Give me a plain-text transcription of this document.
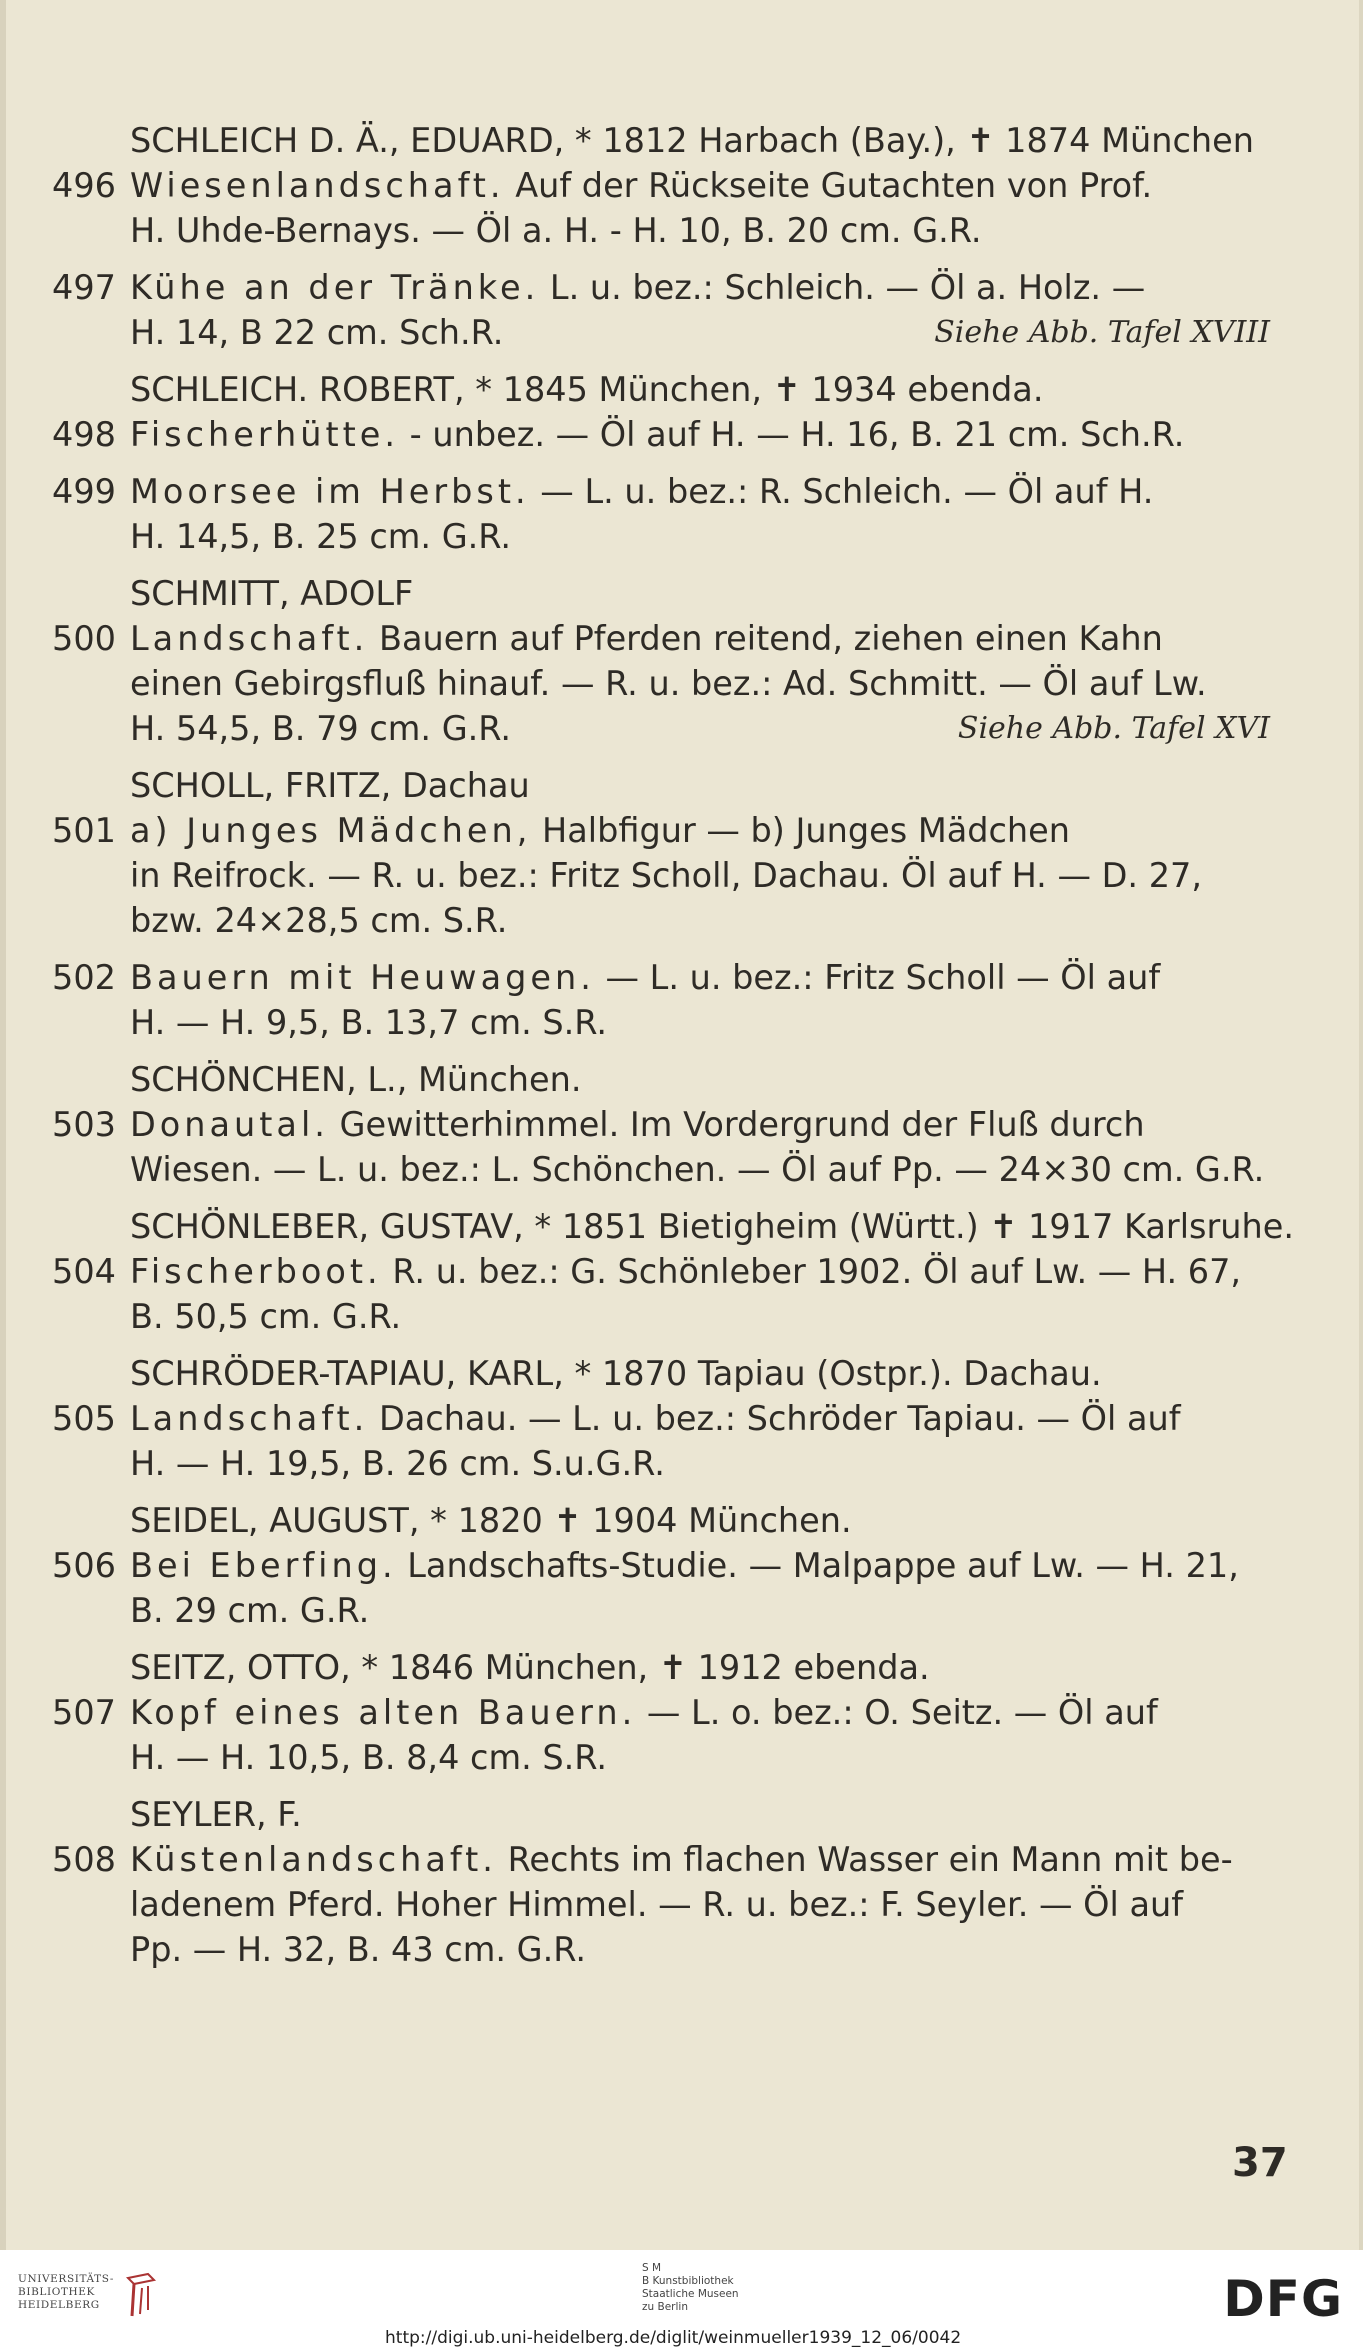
SCHLEICH D. Ä., EDUARD, * 1812 Harbach (Bay.), ✝ 1874 München
496 Wiesenlandschaft. Auf der Rückseite Gutachten von Prof.
H. Uhde-Bernays. — Öl a. H. - H. 10, B. 20 cm. G.R.
497 Kühe an der Tränke. L. u. bez.: Schleich. — Öl a. Holz. —
H. 14, B 22 cm. Sch.R.	Siehe Abb. Tafel XVIII
SCHLEICH. ROBERT, * 1845 München, ✝ 1934 ebenda.
498 Fischerhütte. - unbez. — Öl auf H. — H. 16, B. 21 cm. Sch.R.
499 Moorsee im Herbst. — L. u. bez.: R. Schleich. — Öl auf H.
H. 14,5, B. 25 cm. G.R.
SCHMITT, ADOLF
500 Landschaft. Bauern auf Pferden reitend, ziehen einen Kahn
einen Gebirgsfluß hinauf. — R. u. bez.: Ad. Schmitt. — Öl auf Lw.
H. 54,5, B. 79 cm. G.R.	Siehe Abb. Tafel XVI
SCHOLL, FRITZ, Dachau
501 a) Junges Mädchen, Halbfigur — b) Junges Mädchen
in Reifrock. — R. u. bez.: Fritz Scholl, Dachau. Öl auf H. — D. 27,
bzw. 24×28,5 cm. S.R.
502 Bauern mit Heuwagen. — L. u. bez.: Fritz Scholl — Öl auf
H. — H. 9,5, B. 13,7 cm. S.R.
SCHÖNCHEN, L., München.
503 Donautal. Gewitterhimmel. Im Vordergrund der Fluß durch
Wiesen. — L. u. bez.: L. Schönchen. — Öl auf Pp. — 24×30 cm. G.R.
SCHÖNLEBER, GUSTAV, * 1851 Bietigheim (Württ.) ✝ 1917 Karlsruhe.
504 Fischerboot. R. u. bez.: G. Schönleber 1902. Öl auf Lw. — H. 67,
B. 50,5 cm. G.R.
SCHRÖDER-TAPIAU, KARL, * 1870 Tapiau (Ostpr.). Dachau.
505 Landschaft. Dachau. — L. u. bez.: Schröder Tapiau. — Öl auf
H. — H. 19,5, B. 26 cm. S.u.G.R.
SEIDEL, AUGUST, * 1820 ✝ 1904 München.
506 Bei Eberfing. Landschafts-Studie. — Malpappe auf Lw. — H. 21,
B. 29 cm. G.R.
SEITZ, OTTO, * 1846 München, ✝ 1912 ebenda.
507 Kopf eines alten Bauern. — L. o. bez.: O. Seitz. — Öl auf
H. — H. 10,5, B. 8,4 cm. S.R.
SEYLER, F.
508 Küstenlandschaft. Rechts im flachen Wasser ein Mann mit be-
ladenem Pferd. Hoher Himmel. — R. u. bez.: F. Seyler. — Öl auf
Pp. — H. 32, B. 43 cm. G.R.
37
UNIVERSITÄTS-
BIBLIOTHEK
HEIDELBERG
S M
B Kunstbibliothek
Staatliche Museen
zu Berlin	DFG
http://digi.ub.uni-heidelberg.de/diglit/weinmueller1939_12_06/0042
